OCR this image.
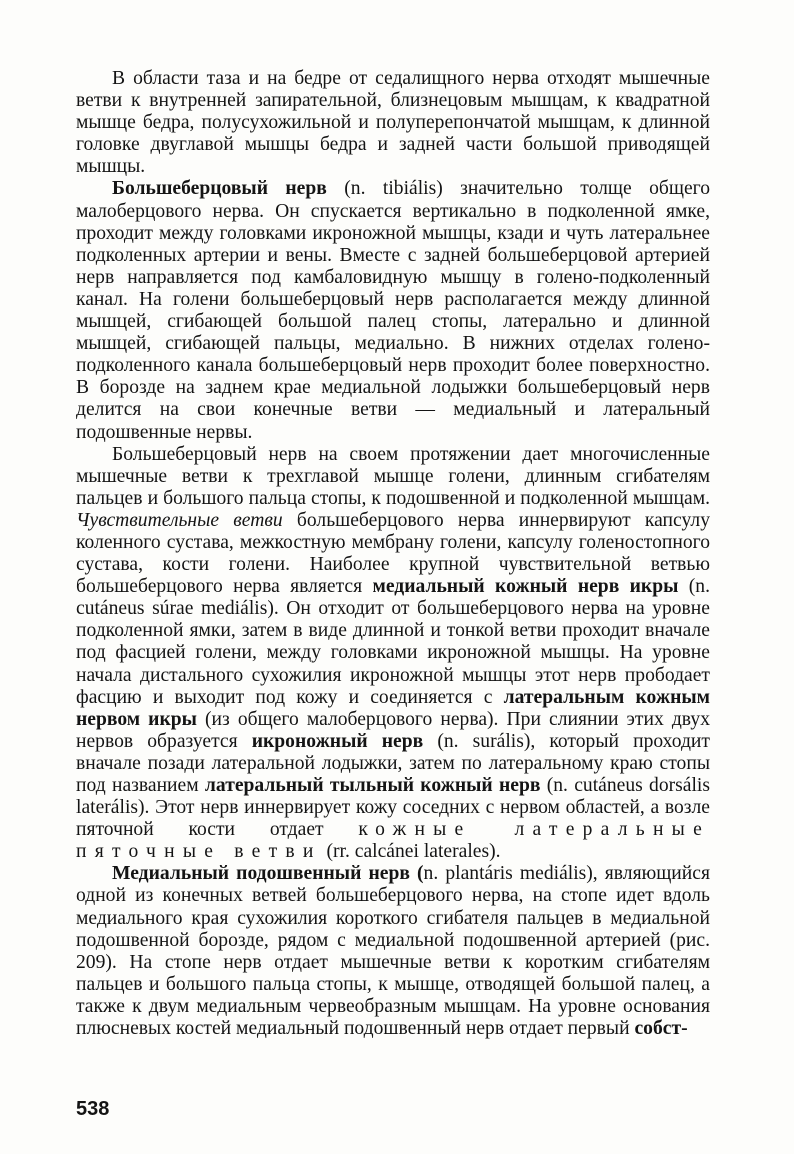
В области таза и на бедре от седалищного нерва отходят мышечные ветви к внутренней запирательной, близнецовым мышцам, к квадратной мышце бедра, полусухожильной и полуперепончатой мышцам, к длинной головке двуглавой мышцы бедра и задней части большой приводящей мышцы.

Большеберцовый нерв (n. tibiális) значительно толще общего малоберцового нерва. Он спускается вертикально в подколенной ямке, проходит между головками икроножной мышцы, кзади и чуть латеральнее подколенных артерии и вены. Вместе с задней большеберцовой артерией нерв направляется под камбаловидную мышцу в голено-подколенный канал. На голени большеберцовый нерв располагается между длинной мышцей, сгибающей большой палец стопы, латерально и длинной мышцей, сгибающей пальцы, медиально. В нижних отделах голено-подколенного канала большеберцовый нерв проходит более поверхностно. В борозде на заднем крае медиальной лодыжки большеберцовый нерв делится на свои конечные ветви — медиальный и латеральный подошвенные нервы.

Большеберцовый нерв на своем протяжении дает многочисленные мышечные ветви к трехглавой мышце голени, длинным сгибателям пальцев и большого пальца стопы, к подошвенной и подколенной мышцам. Чувствительные ветви большеберцового нерва иннервируют капсулу коленного сустава, межкостную мембрану голени, капсулу голеностопного сустава, кости голени. Наиболее крупной чувствительной ветвью большеберцового нерва является медиальный кожный нерв икры (n. cutáneus súrae mediális). Он отходит от большеберцового нерва на уровне подколенной ямки, затем в виде длинной и тонкой ветви проходит вначале под фасцией голени, между головками икроножной мышцы. На уровне начала дистального сухожилия икроножной мышцы этот нерв прободает фасцию и выходит под кожу и соединяется с латеральным кожным нервом икры (из общего малоберцового нерва). При слиянии этих двух нервов образуется икроножный нерв (n. surális), который проходит вначале позади латеральной лодыжки, затем по латеральному краю стопы под названием латеральный тыльный кожный нерв (n. cutáneus dorsális laterális). Этот нерв иннервирует кожу соседних с нервом областей, а возле пяточной кости отдает кожные латеральные пяточные ветви (rr. calcánei laterales).

Медиальный подошвенный нерв (n. plantáris mediális), являющийся одной из конечных ветвей большеберцового нерва, на стопе идет вдоль медиального края сухожилия короткого сгибателя пальцев в медиальной подошвенной борозде, рядом с медиальной подошвенной артерией (рис. 209). На стопе нерв отдает мышечные ветви к коротким сгибателям пальцев и большого пальца стопы, к мышце, отводящей большой палец, а также к двум медиальным червеобразным мышцам. На уровне основания плюсневых костей медиальный подошвенный нерв отдает первый собст-

538
